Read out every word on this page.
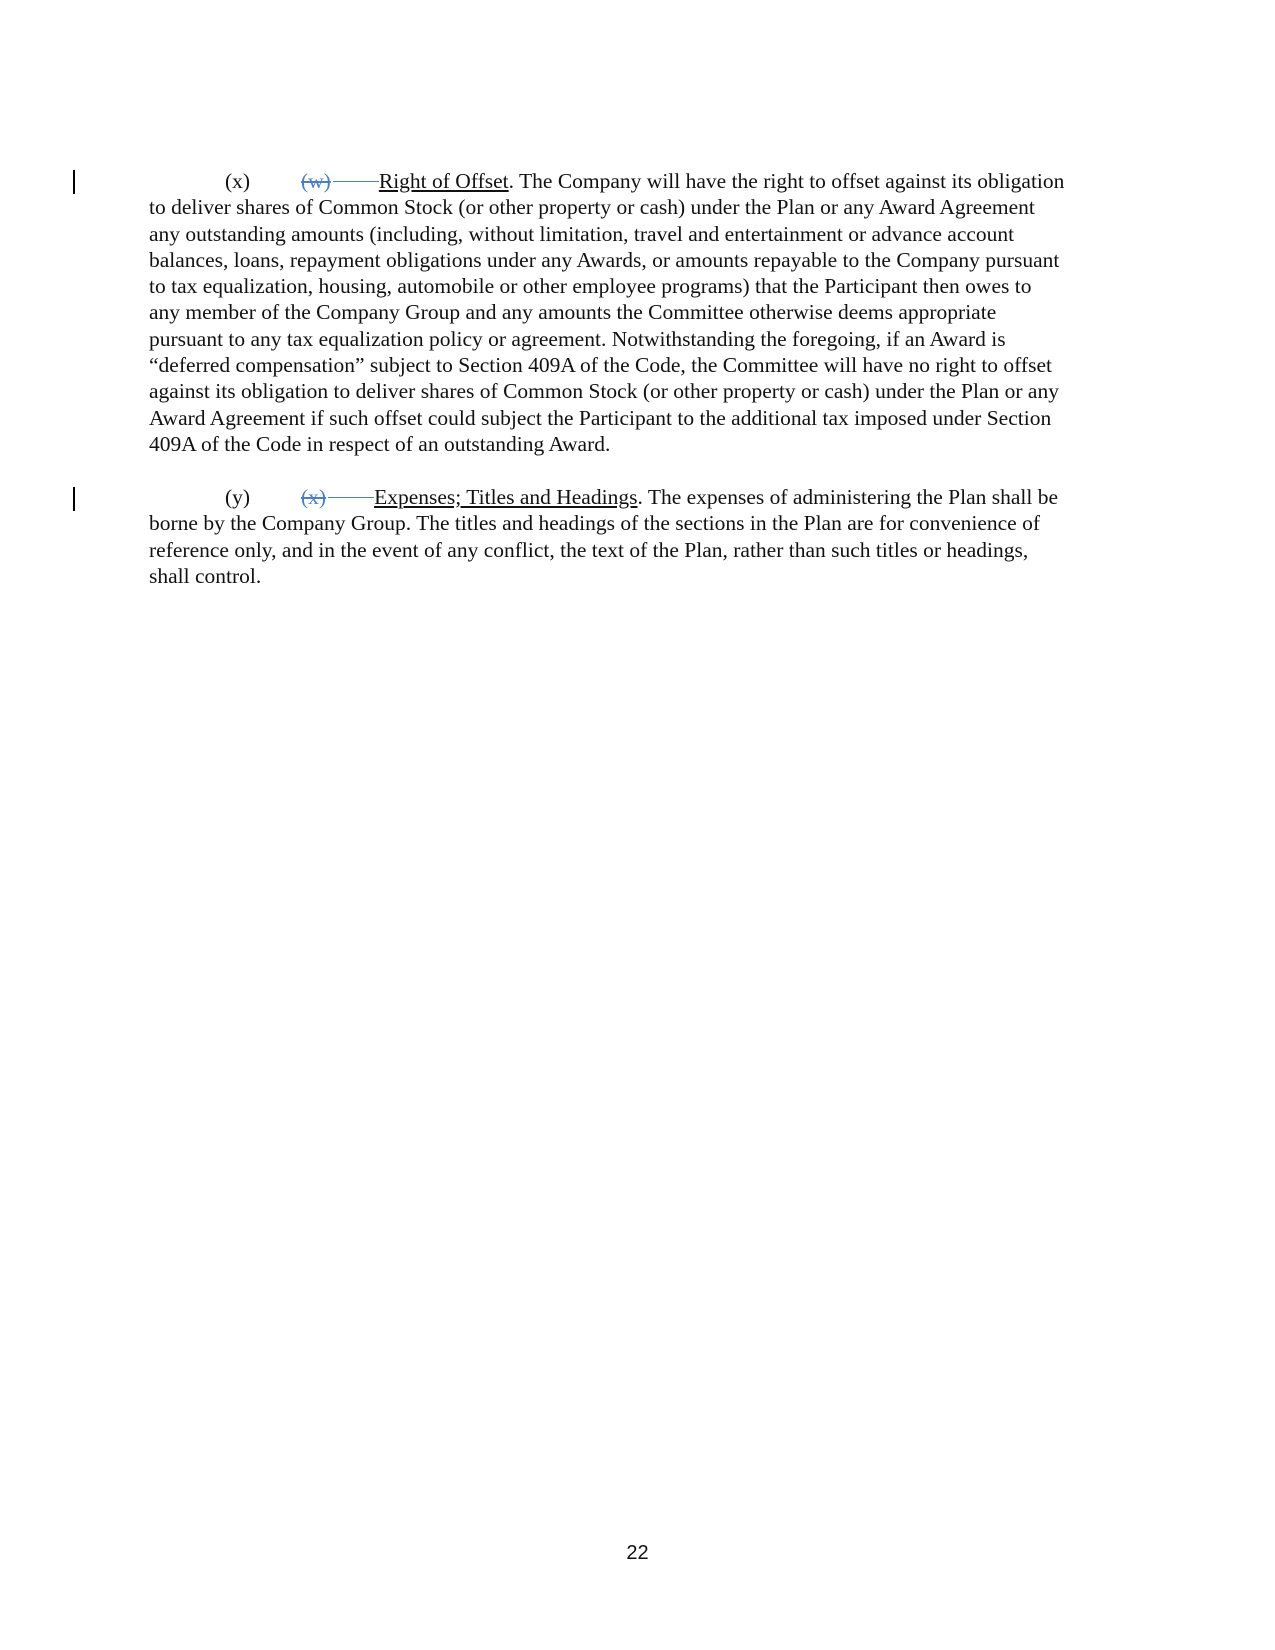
(x) (w) Right of Offset. The Company will have the right to offset against its obligation
to deliver shares of Common Stock (or other property or cash) under the Plan or any Award Agreement
any outstanding amounts (including, without limitation, travel and entertainment or advance account
balances, loans, repayment obligations under any Awards, or amounts repayable to the Company pursuant
to tax equalization, housing, automobile or other employee programs) that the Participant then owes to
any member of the Company Group and any amounts the Committee otherwise deems appropriate
pursuant to any tax equalization policy or agreement. Notwithstanding the foregoing, if an Award is
“deferred compensation” subject to Section 409A of the Code, the Committee will have no right to offset
against its obligation to deliver shares of Common Stock (or other property or cash) under the Plan or any
Award Agreement if such offset could subject the Participant to the additional tax imposed under Section
409A of the Code in respect of an outstanding Award.
(y) (x) Expenses; Titles and Headings. The expenses of administering the Plan shall be
borne by the Company Group. The titles and headings of the sections in the Plan are for convenience of
reference only, and in the event of any conflict, the text of the Plan, rather than such titles or headings,
shall control.
22
